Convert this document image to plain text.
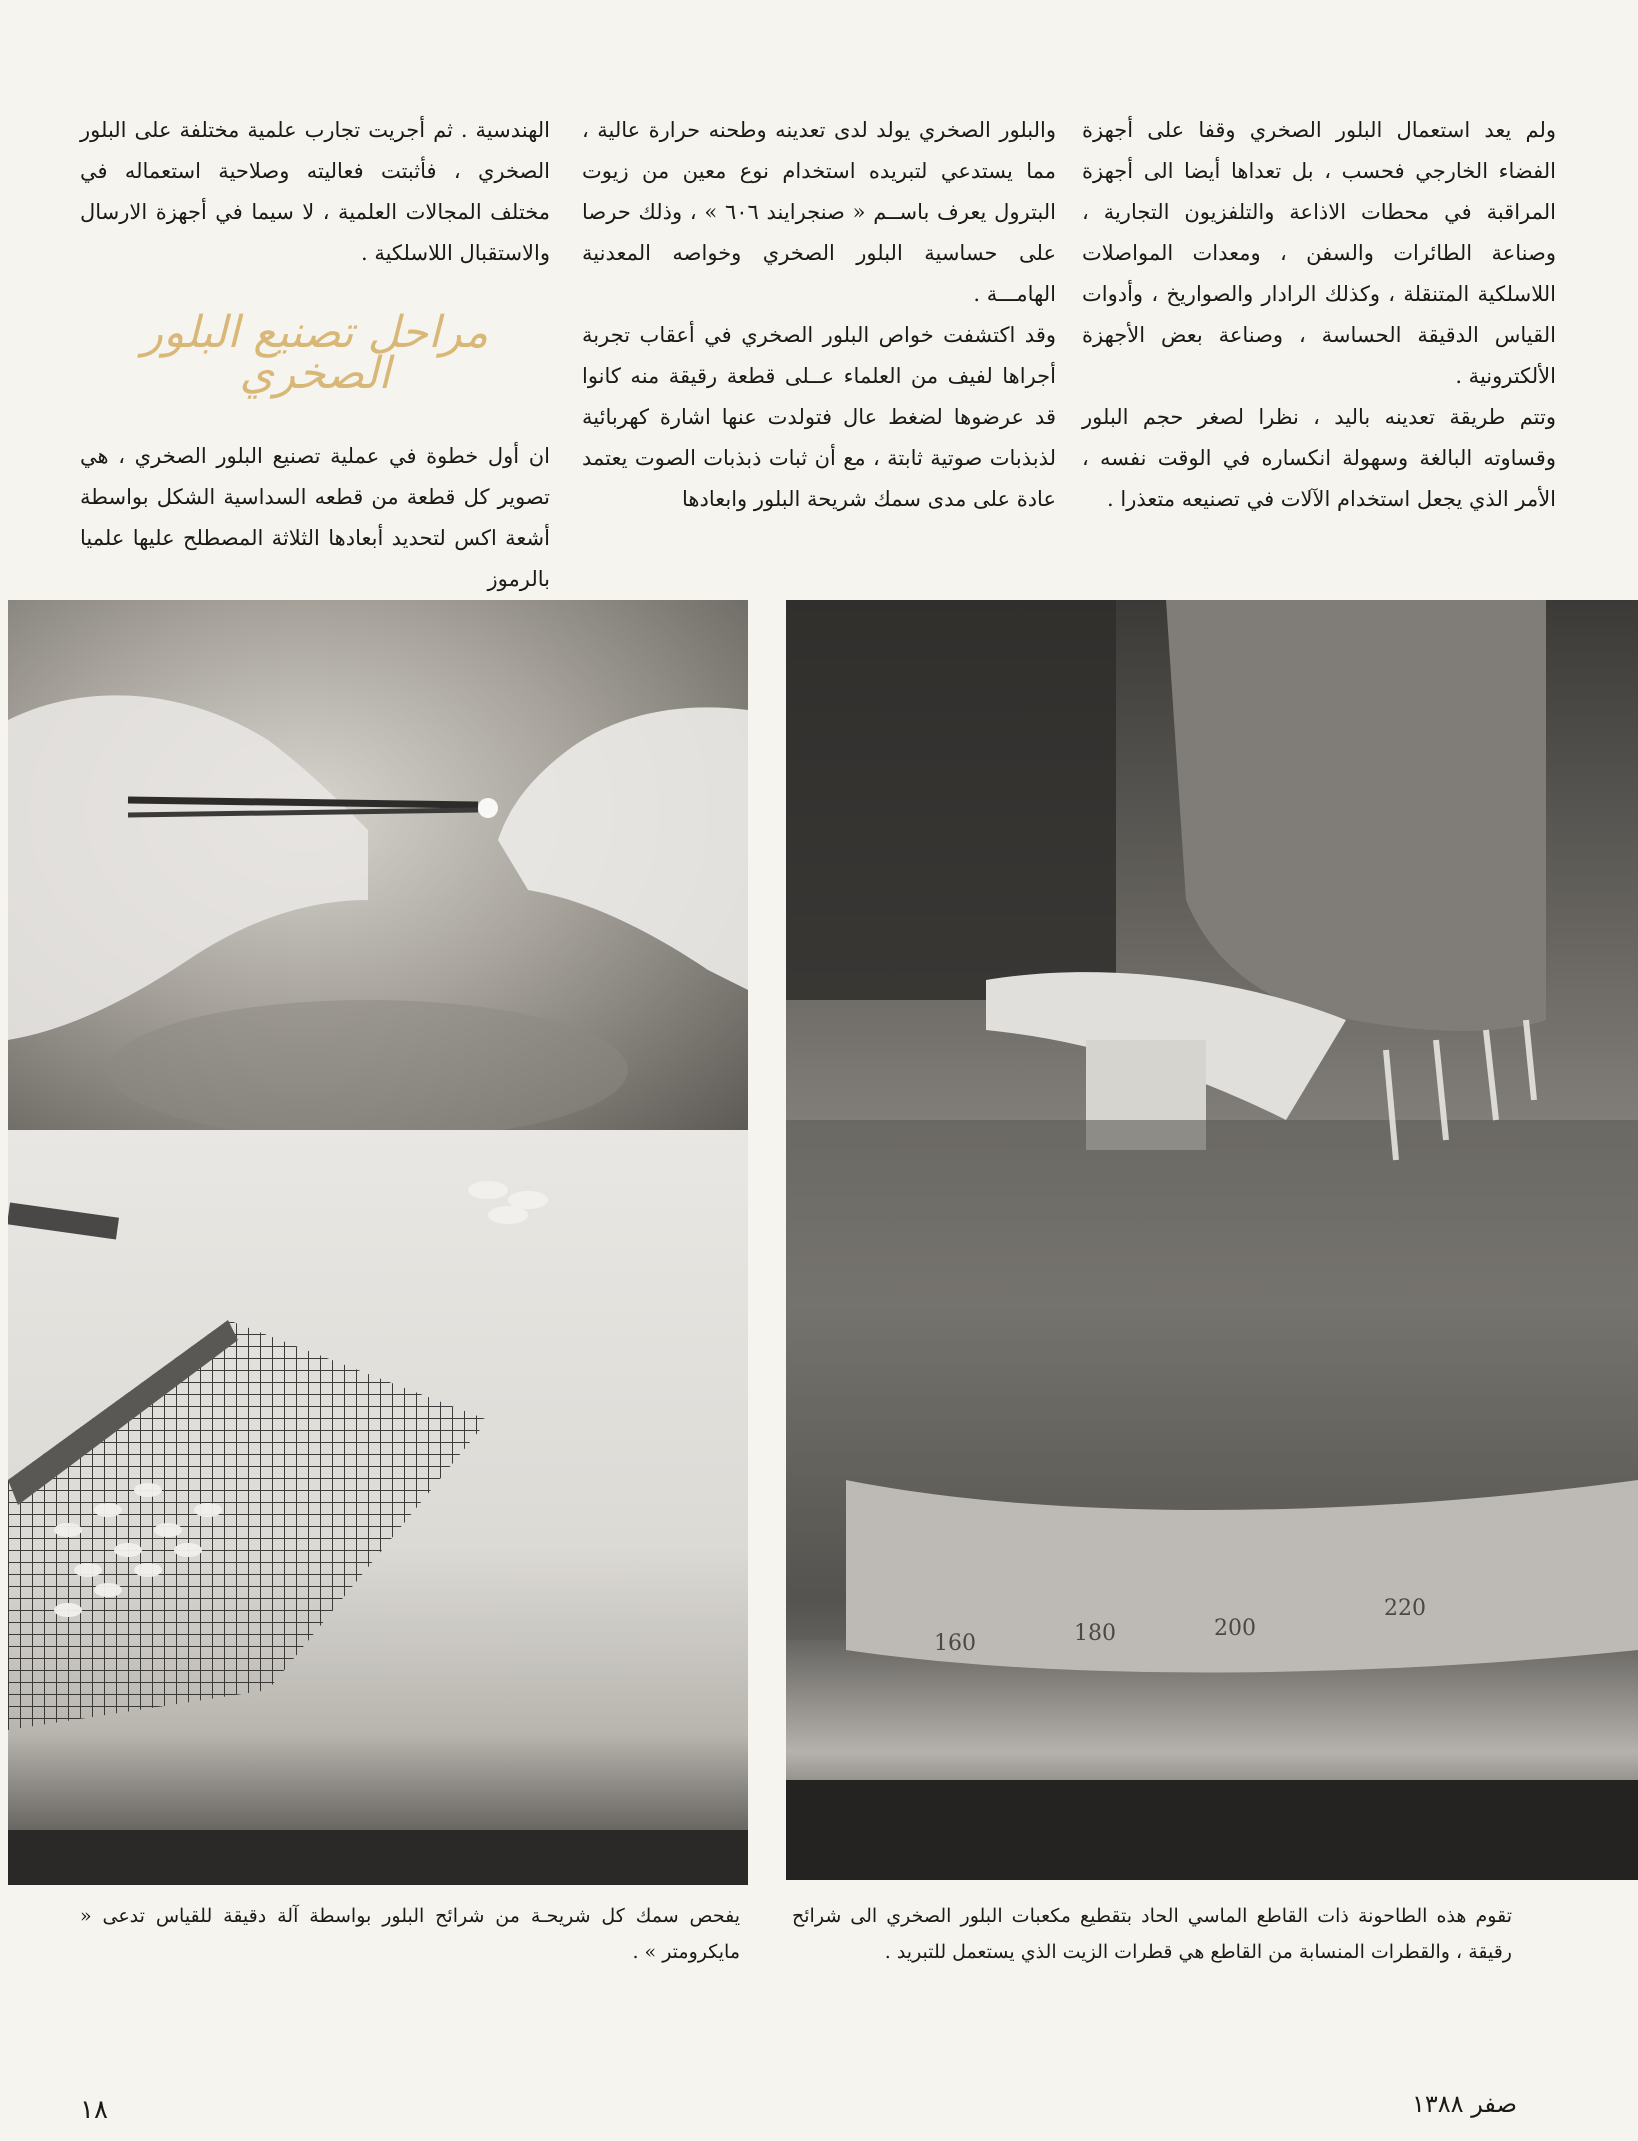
ولم يعد استعمال البلور الصخري وقفا على أجهزة الفضاء الخارجي فحسب ، بل تعداها أيضا الى أجهزة المراقبة في محطات الاذاعة والتلفزيون التجارية ، وصناعة الطائرات والسفن ، ومعدات المواصلات اللاسلكية المتنقلة ، وكذلك الرادار والصواريخ ، وأدوات القياس الدقيقة الحساسة ، وصناعة بعض الأجهزة الألكترونية .

وتتم طريقة تعدينه باليد ، نظرا لصغر حجم البلور وقساوته البالغة وسهولة انكساره في الوقت نفسه ، الأمر الذي يجعل استخدام الآلات في تصنيعه متعذرا .

والبلور الصخري يولد لدى تعدينه وطحنه حرارة عالية ، مما يستدعي لتبريده استخدام نوع معين من زيوت البترول يعرف باســم « صنجرايند ٦٠٦ » ، وذلك حرصا على حساسية البلور الصخري وخواصه المعدنية الهامـــة .

وقد اكتشفت خواص البلور الصخري في أعقاب تجربة أجراها لفيف من العلماء عــلى قطعة رقيقة منه كانوا قد عرضوها لضغط عال فتولدت عنها اشارة كهربائية لذبذبات صوتية ثابتة ، مع أن ثبات ذبذبات الصوت يعتمد عادة على مدى سمك شريحة البلور وابعادها

الهندسية . ثم أجريت تجارب علمية مختلفة على البلور الصخري ، فأثبتت فعاليته وصلاحية استعماله في مختلف المجالات العلمية ، لا سيما في أجهزة الارسال والاستقبال اللاسلكية .

مراحل تصنيع البلور الصخري

ان أول خطوة في عملية تصنيع البلور الصخري ، هي تصوير كل قطعة من قطعه السداسية الشكل بواسطة أشعة اكس لتحديد أبعادها الثلاثة المصطلح عليها علميا بالرموز

160	180	200
220
تقوم هذه الطاحونة ذات القاطع الماسي الحاد بتقطيع مكعبات البلور الصخري الى شرائح رقيقة ، والقطرات المنسابة من القاطع هي قطرات الزيت الذي يستعمل للتبريد .
يفحص سمك كل شريحـة من شرائح البلور بواسطة آلة دقيقة للقياس تدعى « مايكرومتر » .
١٨	صفر ١٣٨٨
